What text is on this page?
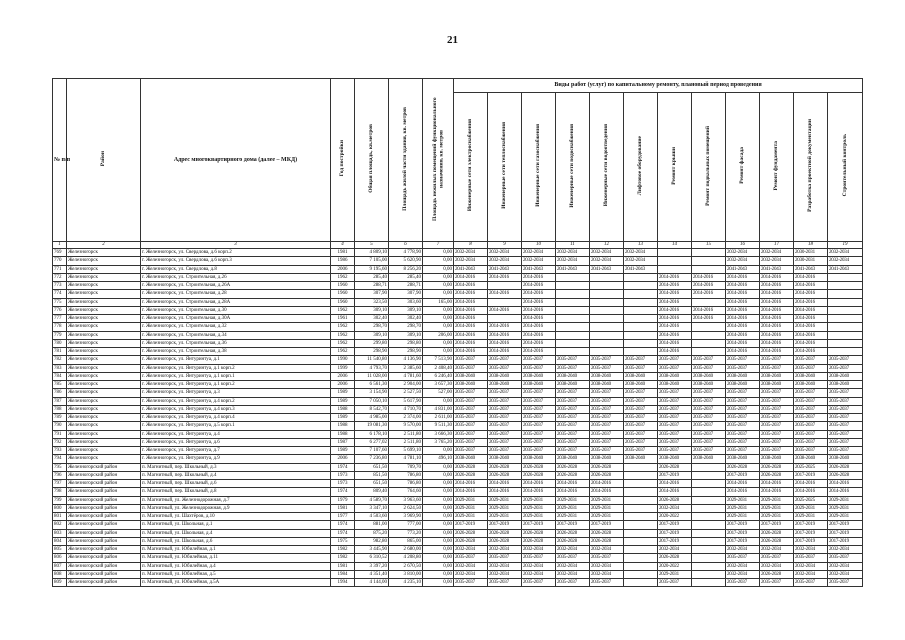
21
№ п/п	Район	Адрес многоквартирного дома (далее – МКД)	Год постройки	Общая площадь, кв.метров	Площадь жилой части здания, кв. метров	Площадь нежилых помещений функционального назначения, кв. метров	Виды работ (услуг) по капитальному ремонту, плановый период проведения											
							Инженерные сети электроснабжения	Инженерные сети теплоснабжения	Инженерные сети газоснабжения	Инженерные сети водоснабжения	Инженерные сети водоотведения	Лифтовое оборудование	Ремонт крыши	Ремонт подвальных помещений	Ремонт фасада	Ремонт фундамента	Разработка проектной документации	Строительный контроль
1	2	3	4	5	6	7	8	9	10	11	12	13	14	15	16	17	18	19
769	Железногорск	г. Железногорск, ул. Свердлова, д.6 корп.2	1981	4 809,10	4 778,90	0,00	2032-2034	2032-2034	2032-2034	2032-2034	2032-2034	2032-2034			2032-2034	2032-2034	2030-2031	2032-2034
770	Железногорск	г. Железногорск, ул. Свердлова, д.6 корп.3	1986	7 105,00	5 620,90	0,00	2032-2034	2032-2034	2032-2034	2032-2034	2032-2034	2032-2034			2032-2034	2032-2034	2030-2031	2032-2034
771	Железногорск	г. Железногорск, ул. Свердлова, д.8	2006	9 195,60	8 256,20	0,00	2041-2043	2041-2043	2041-2043	2041-2043	2041-2043	2041-2043			2041-2043	2041-2043	2041-2043	2041-2043
772	Железногорск	г. Железногорск, ул. Строительная, д.26	1962	285,40	285,40	0,00	2014-2016	2014-2016	2014-2016				2014-2016	2014-2016	2014-2016	2014-2016	2014-2016	
773	Железногорск	г. Железногорск, ул. Строительная, д.26А	1960	288,71	288,71	0,00	2014-2016		2014-2016				2014-2016	2014-2016	2014-2016	2014-2016	2014-2016	
774	Железногорск	г. Железногорск, ул. Строительная, д.28	1960	307,90	307,90	0,00	2014-2016	2014-2016	2014-2016				2014-2016	2014-2016	2014-2016	2014-2016	2014-2016	
775	Железногорск	г. Железногорск, ул. Строительная, д.28А	1960	323,50	303,60	165,00	2014-2016		2014-2016				2014-2016		2014-2016	2014-2016	2014-2016	
776	Железногорск	г. Железногорск, ул. Строительная, д.30	1962	309,10	309,10	0,00	2014-2016	2014-2016	2014-2016				2014-2016	2014-2016	2014-2016	2014-2016	2014-2016	
777	Железногорск	г. Железногорск, ул. Строительная, д.30А	1961	302,40	302,40	0,00	2014-2016		2014-2016				2014-2016	2014-2016	2014-2016	2014-2016	2014-2016	
778	Железногорск	г. Железногорск, ул. Строительная, д.32	1962	298,70	298,70	0,00	2014-2016	2014-2016	2014-2016				2014-2016		2014-2016	2014-2016	2014-2016	
779	Железногорск	г. Железногорск, ул. Строительная, д.34	1962	309,10	309,10	206,00	2014-2016	2014-2016	2014-2016				2014-2016		2014-2016	2014-2016	2014-2016	
780	Железногорск	г. Железногорск, ул. Строительная, д.36	1962	299,80	298,80	0,00	2014-2016	2014-2016	2014-2016				2014-2016		2014-2016	2014-2016	2014-2016	
781	Железногорск	г. Железногорск, ул. Строительная, д.38	1962	298,90	298,90	0,00	2014-2016	2014-2016	2014-2016				2014-2016		2014-2016	2014-2016	2014-2016	
782	Железногорск	г. Железногорск, ул. Янтуринтуа, д.1	1990	11 540,80	4 136,90	7 513,90	2035-2037	2035-2037	2035-2037	2035-2037	2035-2037	2035-2037	2035-2037	2035-2037	2035-2037	2035-2037	2035-2037	2035-2037
783	Железногорск	г. Железногорск, ул. Янтуринтуа, д.1 корп.2	1999	4 793,70	2 385,60	2 408,40	2035-2037	2035-2037	2035-2037	2035-2037	2035-2037	2035-2037	2035-2037	2035-2037	2035-2037	2035-2037	2035-2037	2035-2037
784	Железногорск	г. Железногорск, ул. Янтуринтуа, д.1 корп.1	2006	11 028,00	4 781,60	6 246,40	2038-2040	2038-2040	2038-2040	2038-2040	2038-2040	2038-2040	2038-2040	2038-2040	2038-2040	2038-2040	2038-2040	2038-2040
785	Железногорск	г. Железногорск, ул. Янтуринтуа, д.1 корп.2	2006	6 561,30	2 904,00	3 657,30	2038-2040	2038-2040	2038-2040	2038-2040	2038-2040	2038-2040	2038-2040	2038-2040	2038-2040	2038-2040	2038-2040	2038-2040
786	Железногорск	г. Железногорск, ул. Янтуринтуа, д.3	1989	3 154,90	2 527,50	527,00	2035-2037	2035-2037	2035-2037	2035-2037	2035-2037	2035-2037	2035-2037	2035-2037	2035-2037	2035-2037	2035-2037	2035-2037
787	Железногорск	г. Железногорск, ул. Янтуринтуа, д.4 корп.2	1989	7 050,10	5 617,90	0,00	2035-2037	2035-2037	2035-2037	2035-2037	2035-2037	2035-2037	2035-2037	2035-2037	2035-2037	2035-2037	2035-2037	2035-2037
788	Железногорск	г. Железногорск, ул. Янтуринтуа, д.4 корп.3	1988	8 542,70	4 710,70	4 831,00	2035-2037	2035-2037	2035-2037	2035-2037	2035-2037	2035-2037	2035-2037	2035-2037	2035-2037	2035-2037	2035-2037	2035-2037
789	Железногорск	г. Железногорск, ул. Янтуринтуа, д.4 корп.4	1989	4 985,00	2 374,00	2 611,00	2035-2037	2035-2037	2035-2037	2035-2037	2035-2037	2035-2037	2035-2037	2035-2037	2035-2037	2035-2037	2035-2037	2035-2037
790	Железногорск	г. Железногорск, ул. Янтуринтуа, д.5 корп.1	1988	19 081,30	9 570,00	9 511,30	2035-2037	2035-2037	2035-2037	2035-2037	2035-2037	2035-2037	2035-2037	2035-2037	2035-2037	2035-2037	2035-2037	2035-2037
791	Железногорск	г. Железногорск, ул. Янтуринтуа, д.4	1988	6 178,10	2 511,80	3 666,30	2035-2037	2035-2037	2035-2037	2035-2037	2035-2037	2035-2037	2035-2037	2035-2037	2035-2037	2035-2037	2035-2037	2035-2037
792	Железногорск	г. Железногорск, ул. Янтуринтуа, д.6	1987	6 277,02	2 511,80	3 765,20	2035-2037	2035-2037	2035-2037	2035-2037	2035-2037	2035-2037	2035-2037	2035-2037	2035-2037	2035-2037	2035-2037	2035-2037
793	Железногорск	г. Железногорск, ул. Янтуринтуа, д.7	1989	7 107,60	5 699,10	0,00	2035-2037	2035-2037	2035-2037	2035-2037	2035-2037	2035-2037	2035-2037	2035-2037	2035-2037	2035-2037	2035-2037	2035-2037
794	Железногорск	г. Железногорск, ул. Янтуринтуа, д.9	2006	7 236,80	4 781,10	496,10	2038-2040	2038-2040	2038-2040	2038-2040	2038-2040	2038-2040	2038-2040	2038-2040	2038-2040	2038-2040	2038-2040	2038-2040
795	Железногорский район	п. Магнитный, пер. Школьный, д.3	1974	651,50	709,70	0,00	2026-2028	2026-2028	2026-2028	2026-2028	2026-2028		2026-2028		2026-2028	2026-2028	2025-2025	2026-2028
796	Железногорский район	п. Магнитный, пер. Школьный, д.4	1973	851,50	786,80	0,00	2026-2028	2026-2028	2026-2028	2026-2028	2026-2028		2017-2019		2017-2019	2026-2028	2017-2019	2026-2028
797	Железногорский район	п. Магнитный, пер. Школьный, д.6	1973	651,50	786,80	0,00	2014-2016	2014-2016	2014-2016	2014-2016	2014-2016		2014-2016		2014-2016	2014-2016	2014-2016	2014-2016
798	Железногорский район	п. Магнитный, пер. Школьный, д.8	1974	809,40	764,60	0,00	2014-2016	2014-2016	2014-2016	2014-2016	2014-2016		2014-2016		2014-2016	2014-2016	2014-2016	2014-2016
799	Железногорский район	п. Магнитный, ул. Железнодорожная, д.7	1979	4 589,70	3 963,60	0,00	2029-2031	2029-2031	2029-2031	2029-2031	2029-2031		2026-2028		2029-2031	2029-2031	2025-2025	2029-2031
800	Железногорский район	п. Магнитный, ул. Железнодорожная, д.9	1981	3 347,10	2 624,50	0,00	2029-2031	2029-2031	2029-2031	2029-2031	2029-2031		2032-2034		2029-2031	2029-2031	2029-2031	2029-2031
801	Железногорский район	п. Магнитный, ул. Шахтёров, д.10	1977	4 503,60	3 969,90	0,00	2029-2031	2029-2031	2029-2031	2029-2031	2029-2031		2020-2022		2029-2031	2029-2031	2029-2031	2029-2031
802	Железногорский район	п. Магнитный, ул. Школьная, д.1	1974	881,00	777,00	0,00	2017-2019	2017-2019	2017-2019	2017-2019	2017-2019		2017-2019		2017-2019	2017-2019	2017-2019	2017-2019
803	Железногорский район	п. Магнитный, ул. Школьная, д.4	1974	875,20	773,20	0,00	2026-2028	2026-2028	2026-2028	2026-2028	2026-2028		2017-2019		2017-2019	2026-2028	2017-2019	2017-2019
804	Железногорский район	п. Магнитный, ул. Школьная, д.6	1975	982,80	865,00	0,00	2026-2028	2026-2028	2026-2028	2026-2028	2026-2028		2017-2019		2017-2019	2026-2028	2017-2019	2017-2019
805	Железногорский район	п. Магнитный, ул. Юбилейная, д.1	1982	3 445,90	2 680,00	0,00	2032-2034	2032-2034	2032-2034	2032-2034	2032-2034		2032-2034		2032-2034	2032-2034	2032-2034	2032-2034
806	Железногорский район	п. Магнитный, ул. Юбилейная, д.11	1982	6 310,52	4 208,80	0,00	2035-2037	2035-2037	2035-2037	2035-2037	2035-2037		2026-2028		2035-2037	2035-2037	2035-2037	2035-2037
807	Железногорский район	п. Магнитный, ул. Юбилейная, д.4	1981	3 397,20	2 670,50	0,00	2032-2034	2032-2034	2032-2034	2032-2034	2032-2034		2020-2022		2032-2034	2032-2034	2032-2034	2032-2034
808	Железногорский район	п. Магнитный, ул. Юбилейная, д.5	1984	4 351,40	3 810,00	0,00	2032-2034	2032-2034	2032-2034	2032-2034	2032-2034		2029-2031		2032-2034	2026-2028	2032-2034	2032-2034
809	Железногорский район	п. Магнитный, ул. Юбилейная, д.5А	1994	4 144,00	4 235,10	0,00	2035-2037	2035-2037	2035-2037	2035-2037	2035-2037		2035-2037		2035-2037	2035-2037	2035-2037	2035-2037
